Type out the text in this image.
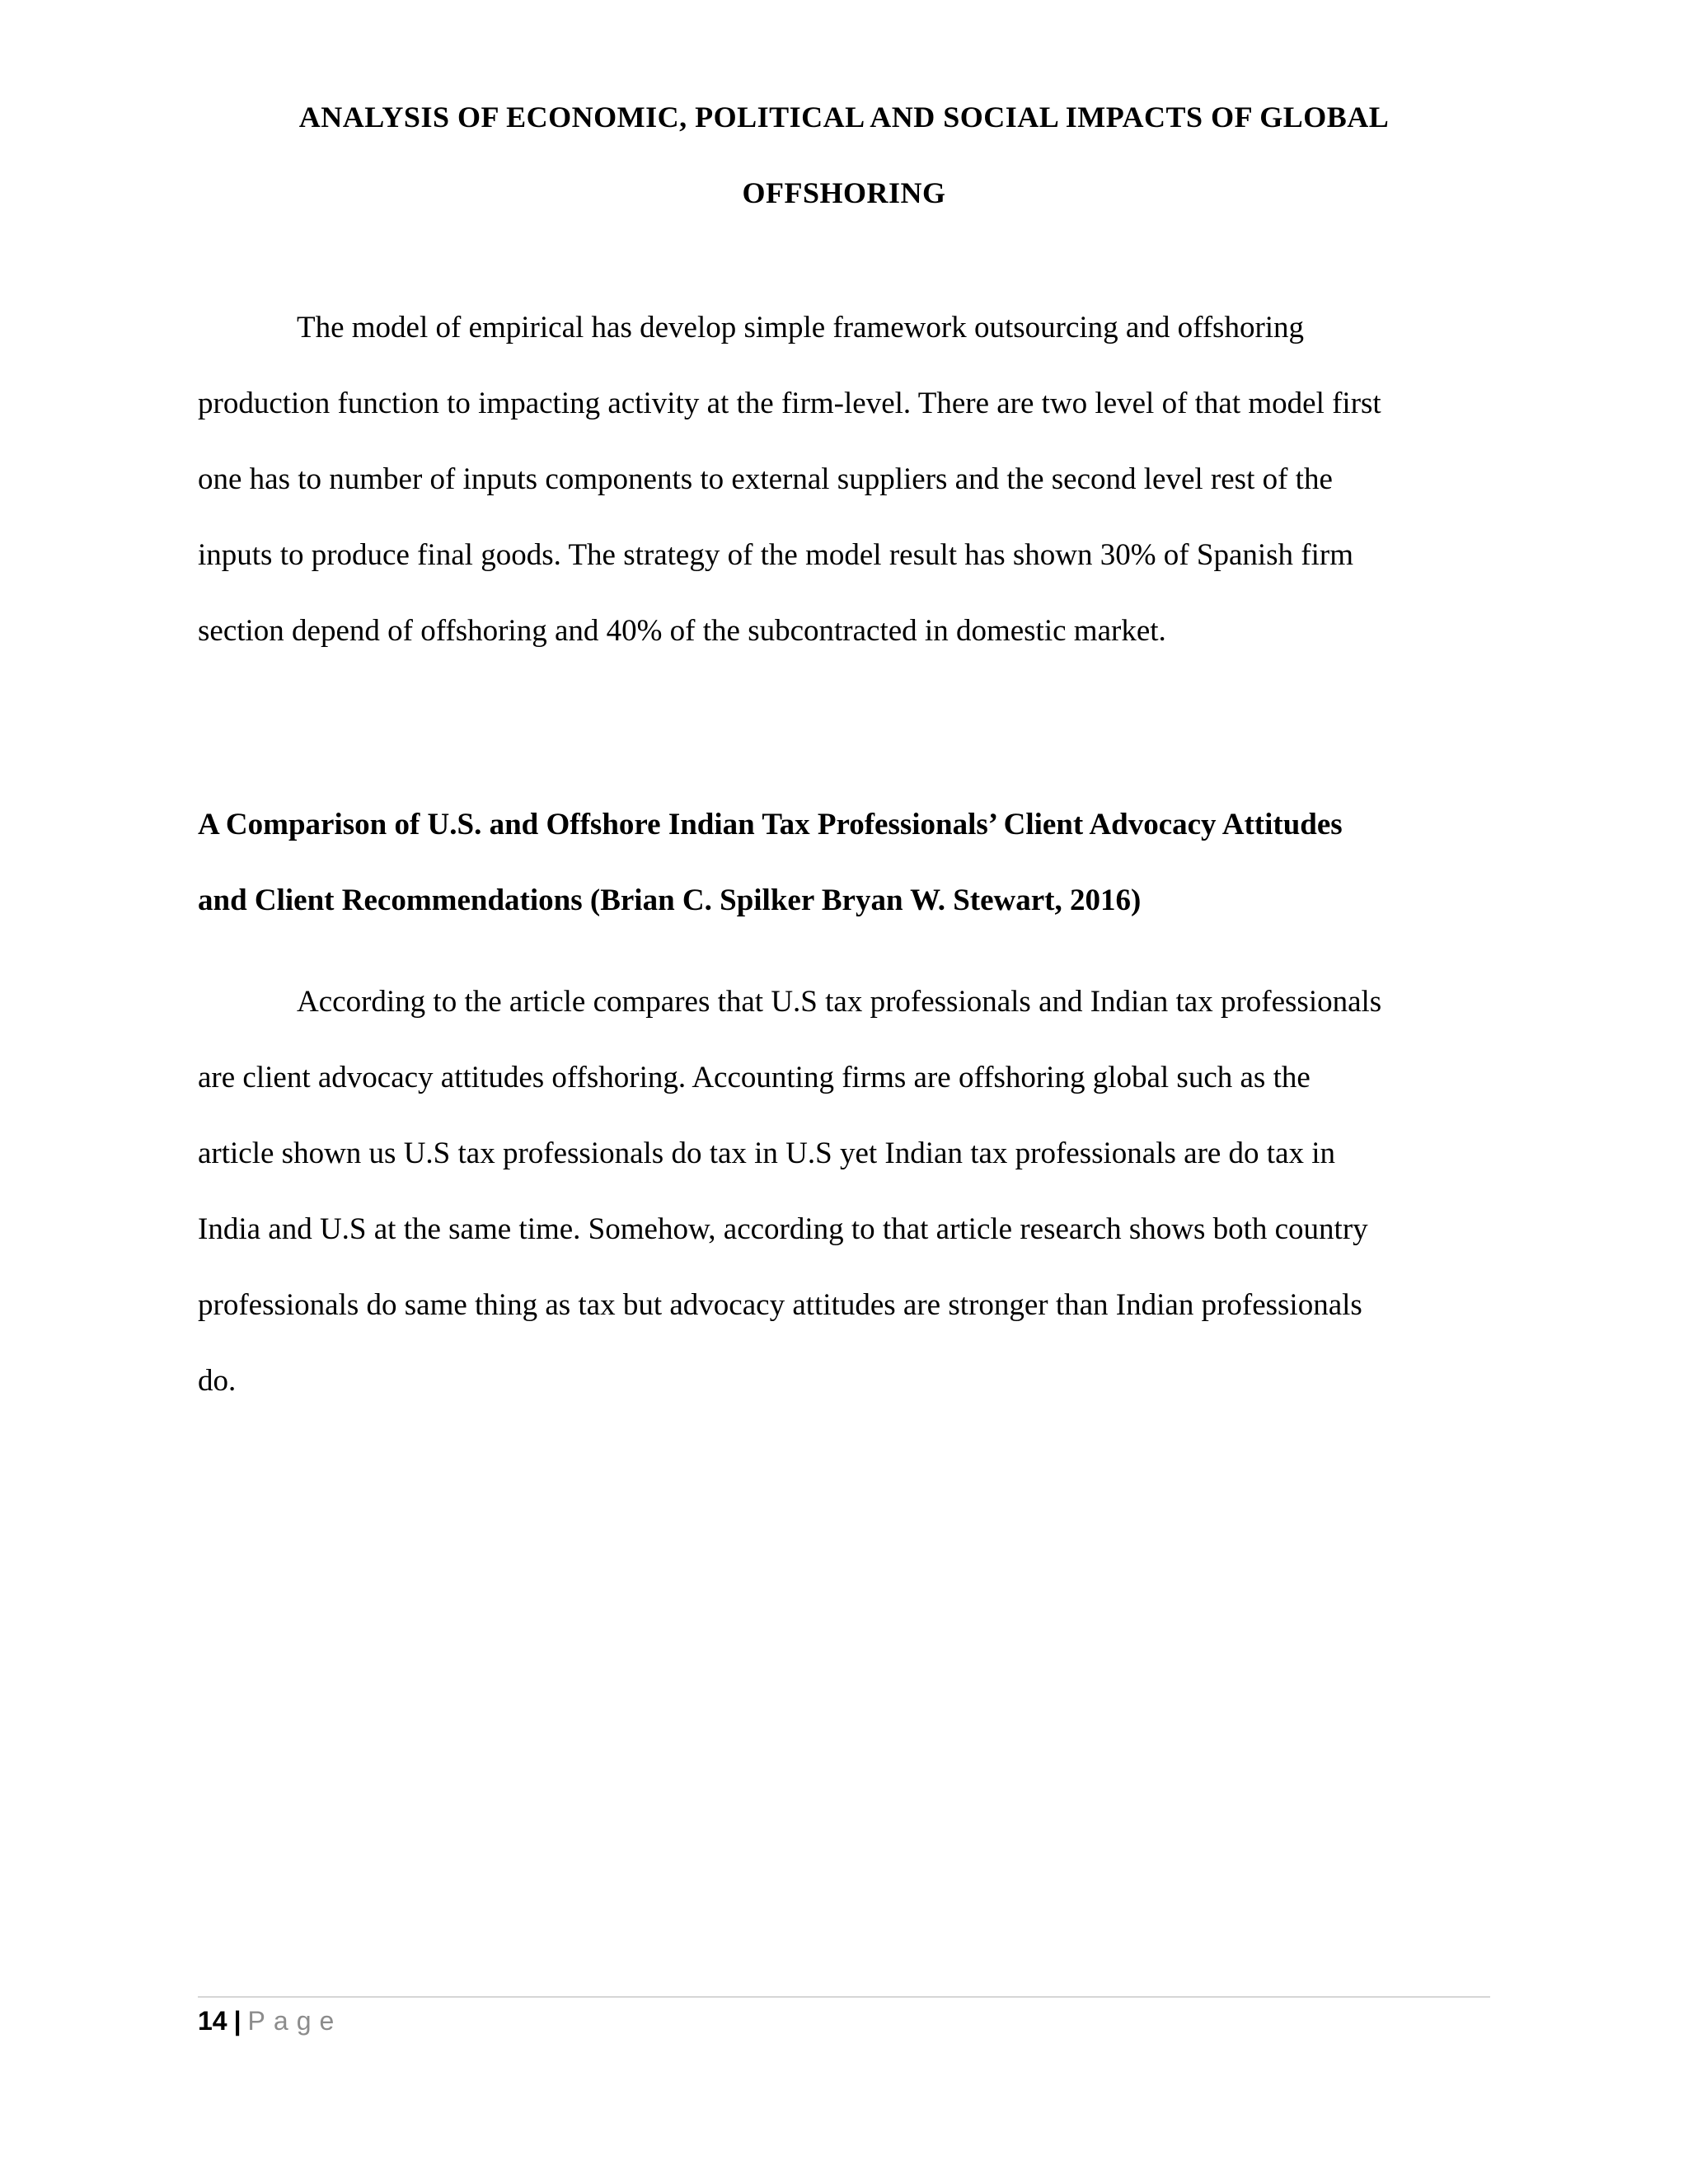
ANALYSIS OF ECONOMIC, POLITICAL AND SOCIAL IMPACTS OF GLOBAL
OFFSHORING

The model of empirical has develop simple framework outsourcing and offshoring
production function to impacting activity at the firm-level. There are two level of that model first
one has to number of inputs components to external suppliers and the second level rest of the
inputs to produce final goods. The strategy of the model result has shown 30% of Spanish firm
section depend of offshoring and 40% of the subcontracted in domestic market.

A Comparison of U.S. and Offshore Indian Tax Professionals’ Client Advocacy Attitudes
and Client Recommendations (Brian C. Spilker Bryan W. Stewart, 2016)

According to the article compares that U.S tax professionals and Indian tax professionals
are client advocacy attitudes offshoring. Accounting firms are offshoring global such as the
article shown us U.S tax professionals do tax in U.S yet Indian tax professionals are do tax in
India and U.S at the same time. Somehow, according to that article research shows both country
professionals do same thing as tax but advocacy attitudes are stronger than Indian professionals
do.

14 | Page
